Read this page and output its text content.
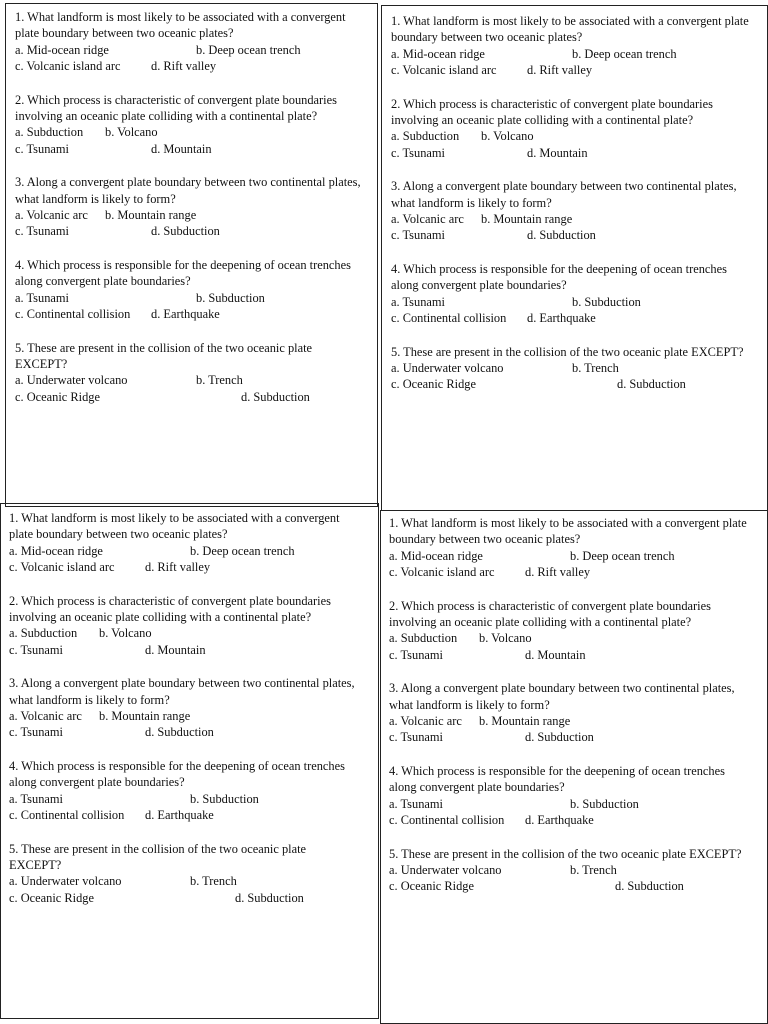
1. What landform is most likely to be associated with a convergent plate boundary between two oceanic plates?
a. Mid-ocean ridge	b. Deep ocean trench
c. Volcanic island arc d. Rift valley
2. Which process is characteristic of convergent plate boundaries involving an oceanic plate colliding with a continental plate?
a. Subduction b. Volcano
c. Tsunami	d. Mountain
3. Along a convergent plate boundary between two continental plates, what landform is likely to form?
a. Volcanic arc b. Mountain range
c. Tsunami	d. Subduction
4. Which process is responsible for the deepening of ocean trenches along convergent plate boundaries?
a. Tsunami	b. Subduction
c. Continental collision d. Earthquake
5. These are present in the collision of the two oceanic plate EXCEPT?
a. Underwater volcano	b. Trench
c. Oceanic Ridge	d. Subduction
1. What landform is most likely to be associated with a convergent plate boundary between two oceanic plates?
a. Mid-ocean ridge	b. Deep ocean trench
c. Volcanic island arc d. Rift valley
2. Which process is characteristic of convergent plate boundaries involving an oceanic plate colliding with a continental plate?
a. Subduction b. Volcano
c. Tsunami	d. Mountain
3. Along a convergent plate boundary between two continental plates, what landform is likely to form?
a. Volcanic arc b. Mountain range
c. Tsunami	d. Subduction
4. Which process is responsible for the deepening of ocean trenches along convergent plate boundaries?
a. Tsunami	b. Subduction
c. Continental collision d. Earthquake
5. These are present in the collision of the two oceanic plate EXCEPT?
a. Underwater volcano	b. Trench
c. Oceanic Ridge	d. Subduction
1. What landform is most likely to be associated with a convergent plate boundary between two oceanic plates?
a. Mid-ocean ridge	b. Deep ocean trench
c. Volcanic island arc d. Rift valley
2. Which process is characteristic of convergent plate boundaries involving an oceanic plate colliding with a continental plate?
a. Subduction b. Volcano
c. Tsunami	d. Mountain
3. Along a convergent plate boundary between two continental plates, what landform is likely to form?
a. Volcanic arc b. Mountain range
c. Tsunami	d. Subduction
4. Which process is responsible for the deepening of ocean trenches along convergent plate boundaries?
a. Tsunami	b. Subduction
c. Continental collision d. Earthquake
5. These are present in the collision of the two oceanic plate EXCEPT?
a. Underwater volcano	b. Trench
c. Oceanic Ridge	d. Subduction
1. What landform is most likely to be associated with a convergent plate boundary between two oceanic plates?
a. Mid-ocean ridge	b. Deep ocean trench
c. Volcanic island arc d. Rift valley
2. Which process is characteristic of convergent plate boundaries involving an oceanic plate colliding with a continental plate?
a. Subduction b. Volcano
c. Tsunami	d. Mountain
3. Along a convergent plate boundary between two continental plates, what landform is likely to form?
a. Volcanic arc b. Mountain range
c. Tsunami	d. Subduction
4. Which process is responsible for the deepening of ocean trenches along convergent plate boundaries?
a. Tsunami	b. Subduction
c. Continental collision d. Earthquake
5. These are present in the collision of the two oceanic plate EXCEPT?
a. Underwater volcano	b. Trench
c. Oceanic Ridge	d. Subduction
